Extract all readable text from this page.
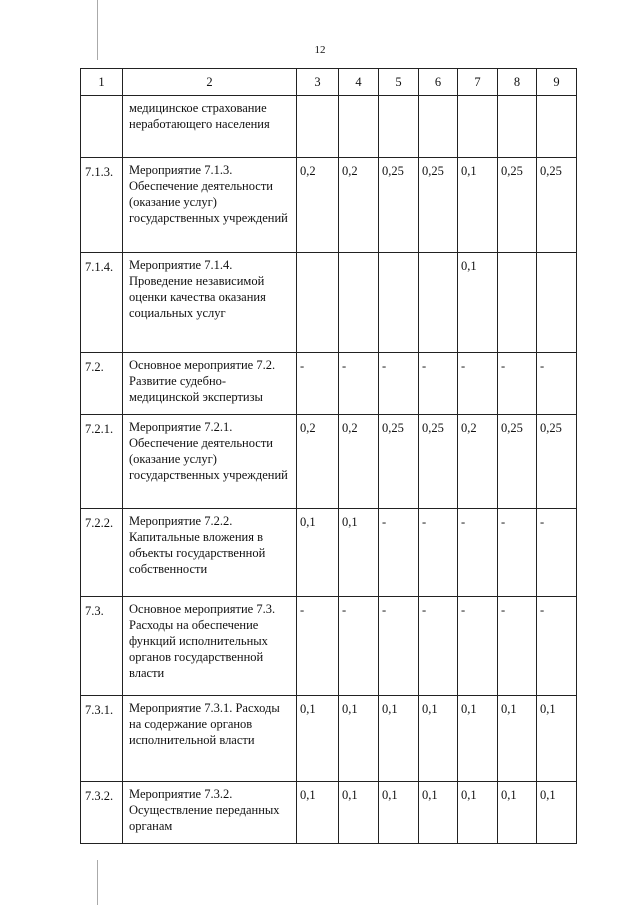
12
1	2	3	4	5	6	7	8	9
	медицинское страхование неработающего населения							
7.1.3.	Мероприятие 7.1.3. Обеспечение деятельности (оказание услуг) государственных учреждений	0,2	0,2	0,25	0,25	0,1	0,25	0,25
7.1.4.	Мероприятие 7.1.4. Проведение независимой оценки качества оказания социальных услуг					0,1		
7.2.	Основное мероприятие 7.2. Развитие судебно-медицинской экспертизы	-	-	-	-	-	-	-
7.2.1.	Мероприятие 7.2.1. Обеспечение деятельности (оказание услуг) государственных учреждений	0,2	0,2	0,25	0,25	0,2	0,25	0,25
7.2.2.	Мероприятие 7.2.2. Капитальные вложения в объекты государственной собственности	0,1	0,1	-	-	-	-	-
7.3.	Основное мероприятие 7.3. Расходы на обеспечение функций исполнительных органов государственной власти	-	-	-	-	-	-	-
7.3.1.	Мероприятие 7.3.1. Расходы на содержание органов исполнительной власти	0,1	0,1	0,1	0,1	0,1	0,1	0,1
7.3.2.	Мероприятие 7.3.2. Осуществление переданных органам	0,1	0,1	0,1	0,1	0,1	0,1	0,1
